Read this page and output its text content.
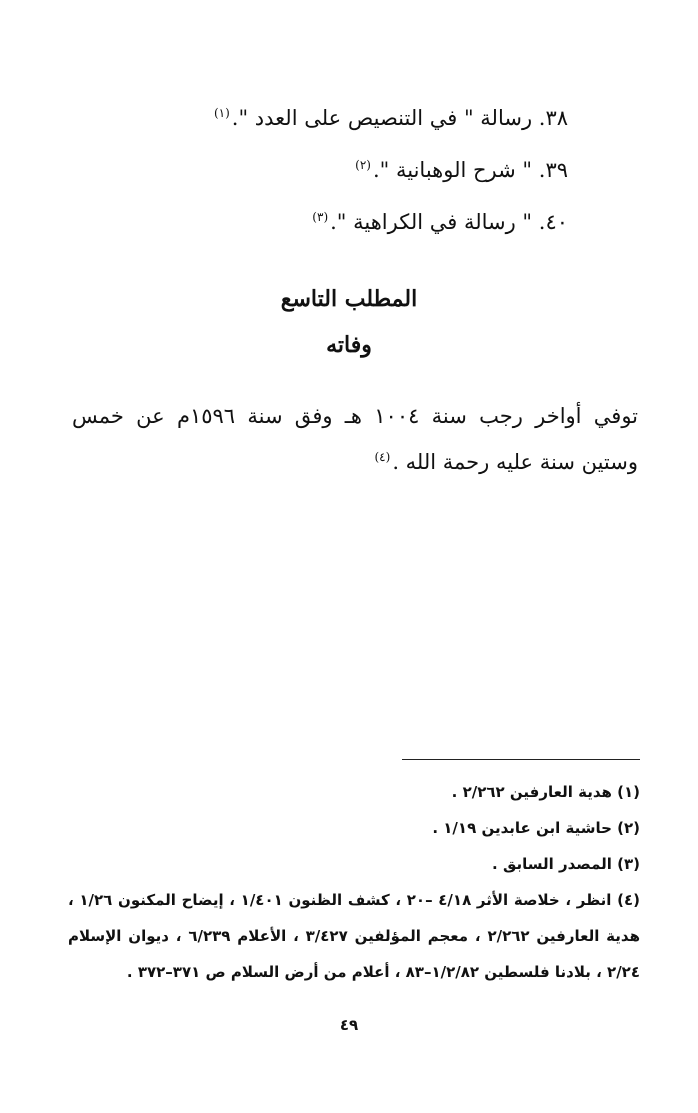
٣٨. رسالة " في التنصيص على العدد ".$^{(١)}$
٣٩. " شرح الوهبانية ".$^{(٢)}$
٤٠. " رسالة في الكراهية ".$^{(٣)}$
المطلب التاسع
وفاته

توفي أواخر رجب سنة ١٠٠٤ هـ وفق سنة ١٥٩٦م عن خمس وستين سنة عليه رحمة الله .$^{(٤)}$

(١) هدية العارفين ٢/٢٦٢ .

(٢) حاشية ابن عابدين ١/١٩ .

(٣) المصدر السابق .

(٤) انظر ، خلاصة الأثر ٤/١٨ –٢٠ ، كشف الظنون ١/٤٠١ ، إيضاح المكنون ١/٢٦ ، هدية العارفين ٢/٢٦٢ ، معجم المؤلفين ٣/٤٢٧ ، الأعلام ٦/٢٣٩ ، ديوان الإسلام ٢/٢٤ ، بلادنا فلسطين ١/٢/٨٢–٨٣ ، أعلام من أرض السلام ص ٣٧١–٣٧٢ .

٤٩
